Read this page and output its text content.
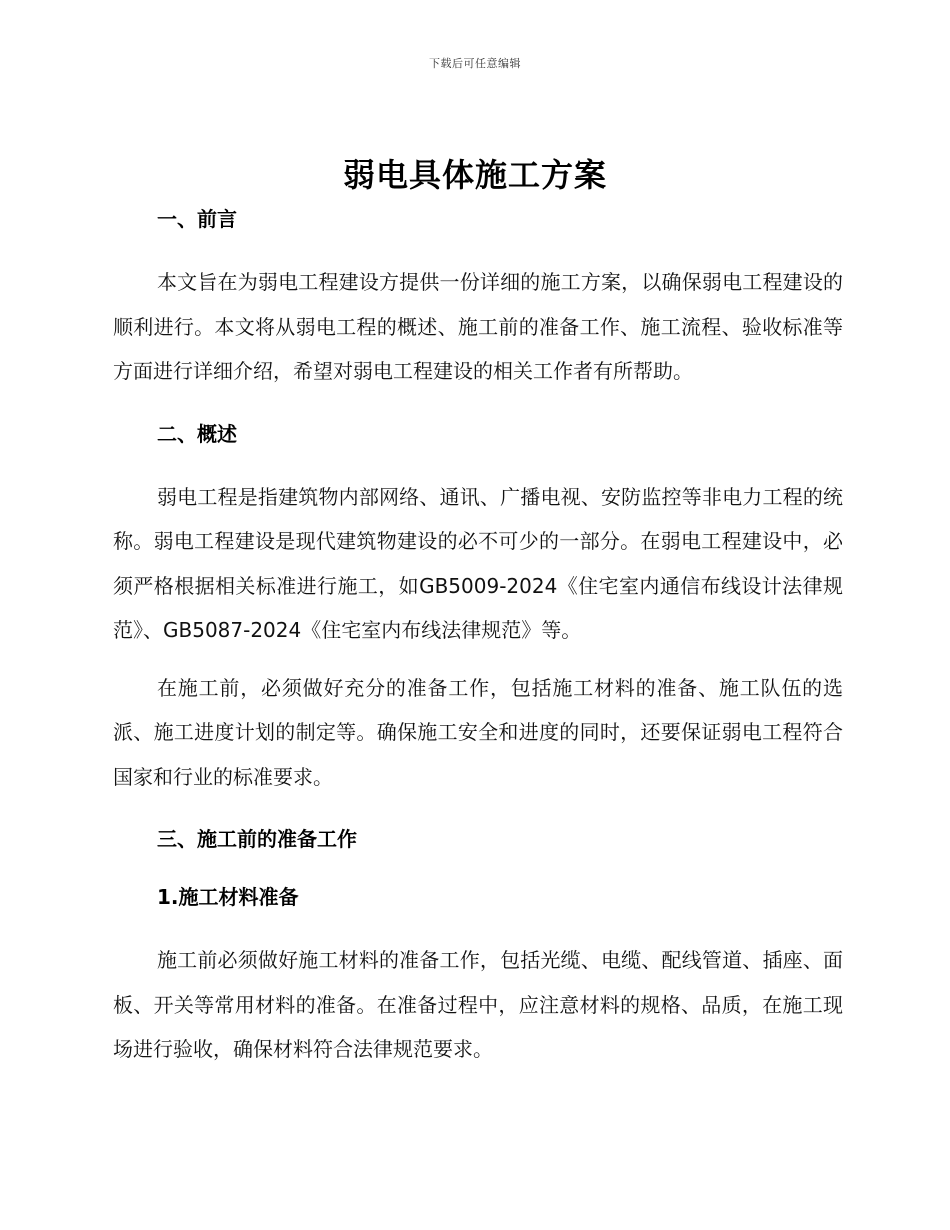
下载后可任意编辑
弱电具体施工方案
一、前言

本文旨在为弱电工程建设方提供一份详细的施工方案，以确保弱电工程建设的顺利进行。本文将从弱电工程的概述、施工前的准备工作、施工流程、验收标准等方面进行详细介绍，希望对弱电工程建设的相关工作者有所帮助。

二、概述

弱电工程是指建筑物内部网络、通讯、广播电视、安防监控等非电力工程的统称。弱电工程建设是现代建筑物建设的必不可少的一部分。在弱电工程建设中，必须严格根据相关标准进行施工，如GB5009-2024《住宅室内通信布线设计法律规范》、GB5087-2024《住宅室内布线法律规范》等。

在施工前，必须做好充分的准备工作，包括施工材料的准备、施工队伍的选派、施工进度计划的制定等。确保施工安全和进度的同时，还要保证弱电工程符合国家和行业的标准要求。

三、施工前的准备工作
1.施工材料准备

施工前必须做好施工材料的准备工作，包括光缆、电缆、配线管道、插座、面板、开关等常用材料的准备。在准备过程中，应注意材料的规格、品质，在施工现场进行验收，确保材料符合法律规范要求。
